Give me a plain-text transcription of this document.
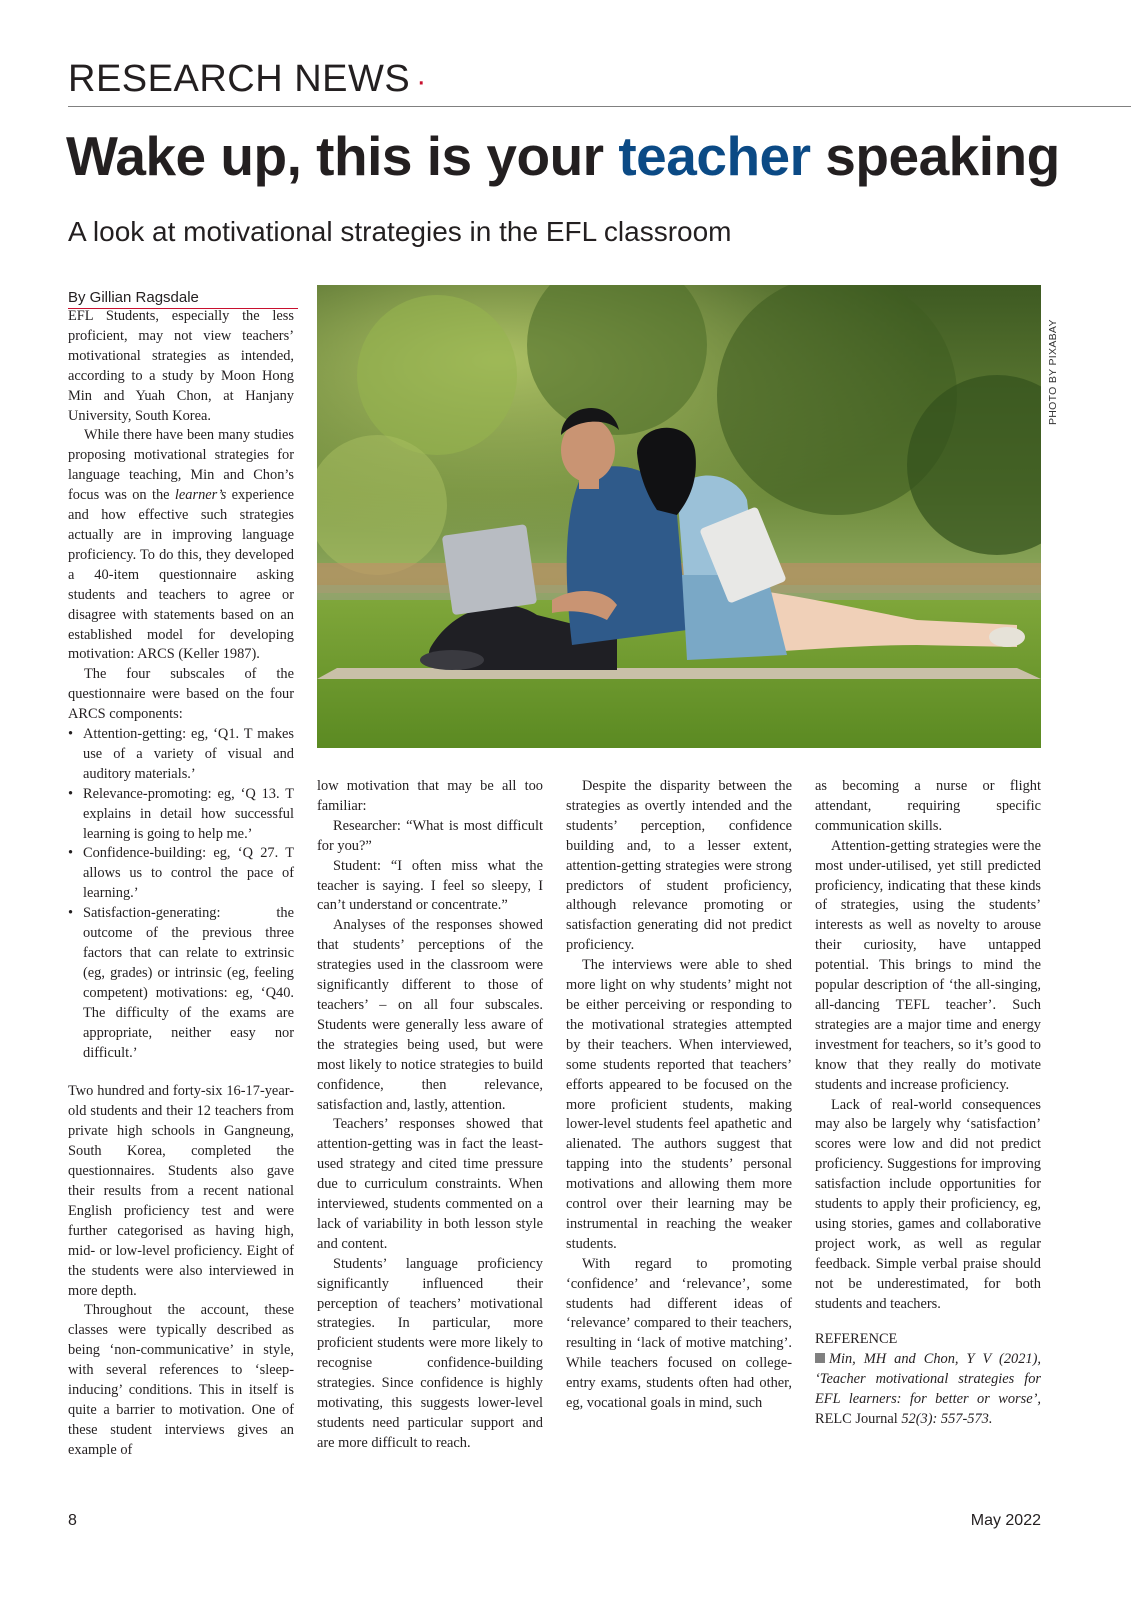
RESEARCH NEWS ·
Wake up, this is your teacher speaking
A look at motivational strategies in the EFL classroom
By Gillian Ragsdale

EFL Students, especially the less proficient, may not view teachers’ motivational strategies as intended, according to a study by Moon Hong Min and Yuah Chon, at Hanjany University, South Korea.

While there have been many studies proposing motivational strategies for language teaching, Min and Chon’s focus was on the learner’s experience and how effective such strategies actually are in improving language proficiency. To do this, they developed a 40-item questionnaire asking students and teachers to agree or disagree with statements based on an established model for developing motivation: ARCS (Keller 1987).

The four subscales of the questionnaire were based on the four ARCS components:

• Attention-getting: eg, ‘Q1. T makes use of a variety of visual and auditory materials.’
• Relevance-promoting: eg, ‘Q 13. T explains in detail how successful learning is going to help me.’
• Confidence-building: eg, ‘Q 27. T allows us to control the pace of learning.’
• Satisfaction-generating: the outcome of the previous three factors that can relate to extrinsic (eg, grades) or intrinsic (eg, feeling competent) motivations: eg, ‘Q40. The difficulty of the exams are appropriate, neither easy nor difficult.’

Two hundred and forty-six 16-17-year-old students and their 12 teachers from private high schools in Gangneung, South Korea, completed the questionnaires. Students also gave their results from a recent national English proficiency test and were further categorised as having high, mid- or low-level proficiency. Eight of the students were also interviewed in more depth.

Throughout the account, these classes were typically described as being ‘non-communicative’ in style, with several references to ‘sleep-inducing’ conditions. This in itself is quite a barrier to motivation. One of these student interviews gives an example of

PHOTO BY PIXABAY

low motivation that may be all too familiar:

Researcher: “What is most difficult for you?”

Student: “I often miss what the teacher is saying. I feel so sleepy, I can’t understand or concentrate.”

Analyses of the responses showed that students’ perceptions of the strategies used in the classroom were significantly different to those of teachers’ – on all four subscales. Students were generally less aware of the strategies being used, but were most likely to notice strategies to build confidence, then relevance, satisfaction and, lastly, attention.

Teachers’ responses showed that attention-getting was in fact the least-used strategy and cited time pressure due to curriculum constraints. When interviewed, students commented on a lack of variability in both lesson style and content.

Students’ language proficiency significantly influenced their perception of teachers’ motivational strategies. In particular, more proficient students were more likely to recognise confidence-building strategies. Since confidence is highly motivating, this suggests lower-level students need particular support and are more difficult to reach.

Despite the disparity between the strategies as overtly intended and the students’ perception, confidence building and, to a lesser extent, attention-getting strategies were strong predictors of student proficiency, although relevance promoting or satisfaction generating did not predict proficiency.

The interviews were able to shed more light on why students’ might not be either perceiving or responding to the motivational strategies attempted by their teachers. When interviewed, some students reported that teachers’ efforts appeared to be focused on the more proficient students, making lower-level students feel apathetic and alienated. The authors suggest that tapping into the students’ personal motivations and allowing them more control over their learning may be instrumental in reaching the weaker students.

With regard to promoting ‘confidence’ and ‘relevance’, some students had different ideas of ‘relevance’ compared to their teachers, resulting in ‘lack of motive matching’. While teachers focused on college-entry exams, students often had other, eg, vocational goals in mind, such

as becoming a nurse or flight attendant, requiring specific communication skills.

Attention-getting strategies were the most under-utilised, yet still predicted proficiency, indicating that these kinds of strategies, using the students’ interests as well as novelty to arouse their curiosity, have untapped potential. This brings to mind the popular description of ‘the all-singing, all-dancing TEFL teacher’. Such strategies are a major time and energy investment for teachers, so it’s good to know that they really do motivate students and increase proficiency.

Lack of real-world consequences may also be largely why ‘satisfaction’ scores were low and did not predict proficiency. Suggestions for improving satisfaction include opportunities for students to apply their proficiency, eg, using stories, games and collaborative project work, as well as regular feedback. Simple verbal praise should not be underestimated, for both students and teachers.

REFERENCE

Min, MH and Chon, Y V (2021), ‘Teacher motivational strategies for EFL learners: for better or worse’, RELC Journal 52(3): 557-573.

8	May 2022
